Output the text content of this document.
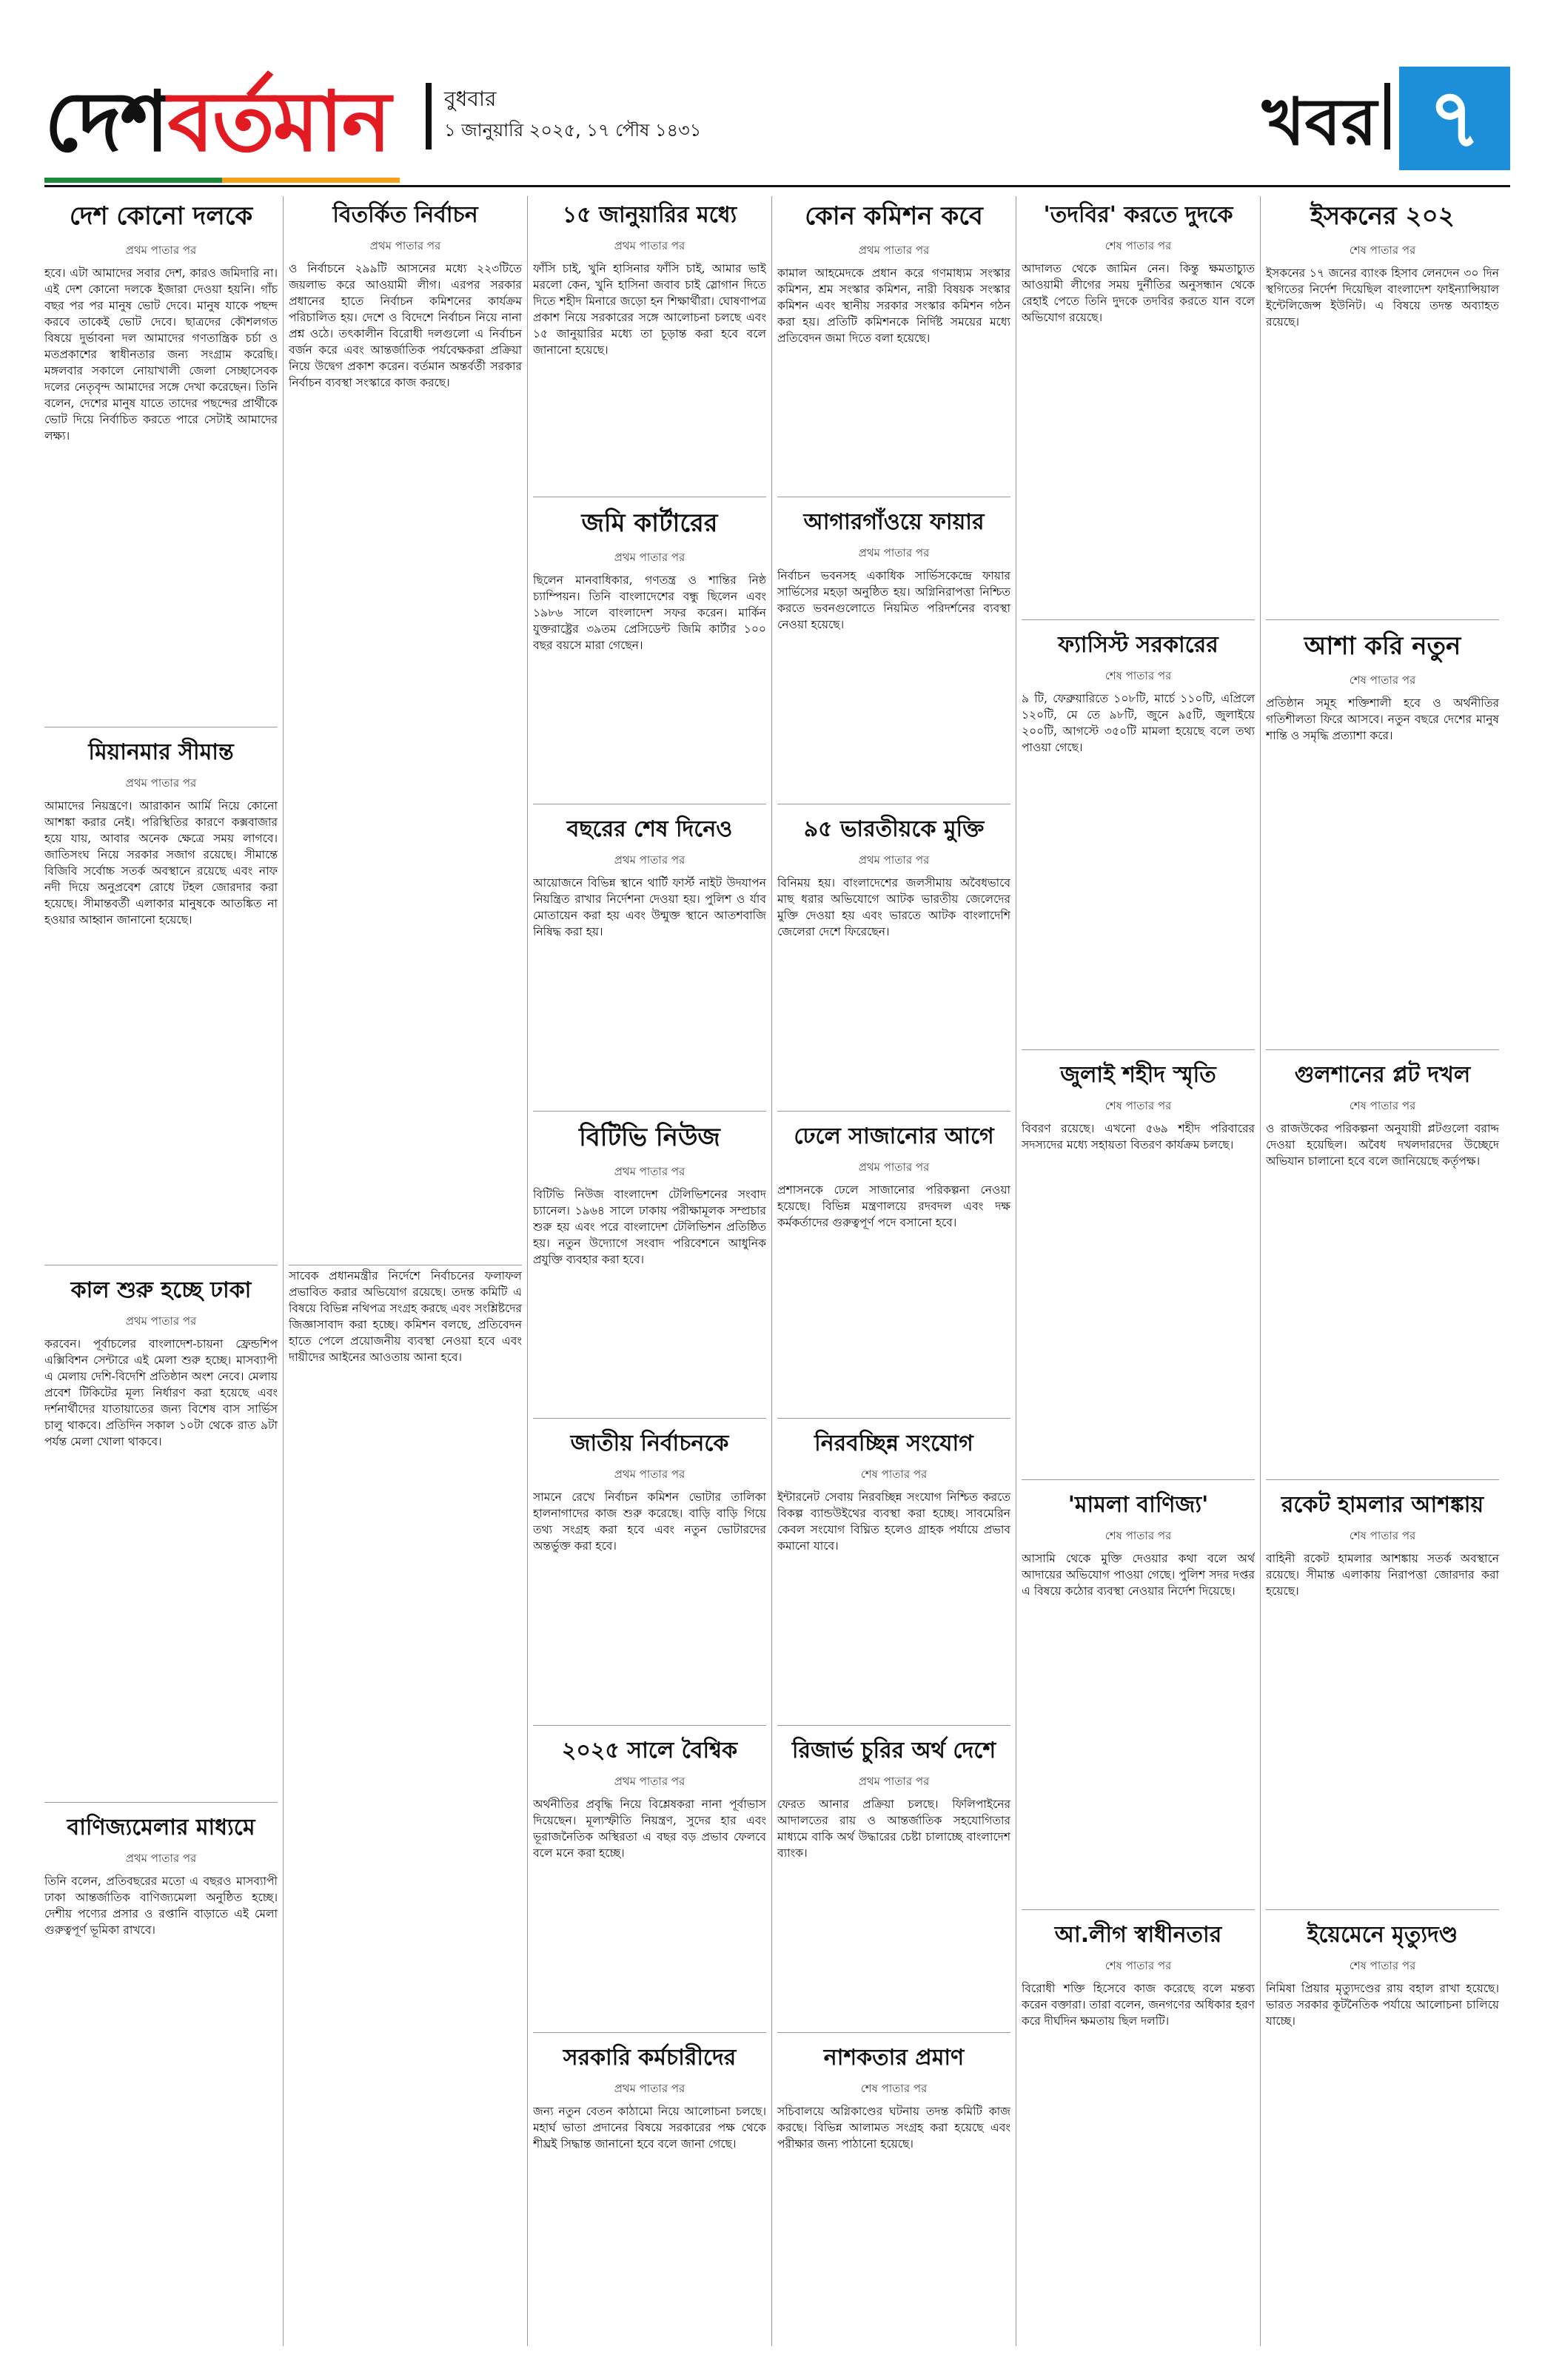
দেশবর্তমান	বুধবার
১ জানুয়ারি ২০২৫, ১৭ পৌষ ১৪৩১	খবর ৭
দেশ কোনো দলকে
প্রথম পাতার পর

হবে। এটা আমাদের সবার দেশ, কারও জমিদারি না। এই দেশ কোনো দলকে ইজারা দেওয়া হয়নি। গাঁচ বছর পর পর মানুষ ভোট দেবে। মানুষ যাকে পছন্দ করবে তাকেই ভোট দেবে। ছাত্রদের কৌশলগত বিষয়ে দুর্ভাবনা দল আমাদের গণতান্ত্রিক চর্চা ও মতপ্রকাশের স্বাধীনতার জন্য সংগ্রাম করেছি। মঙ্গলবার সকালে নোয়াখালী জেলা সেচ্ছাসেবক দলের নেতৃবৃন্দ আমাদের সঙ্গে দেখা করেছেন। তিনি বলেন, দেশের মানুষ যাতে তাদের পছন্দের প্রার্থীকে ভোট দিয়ে নির্বাচিত করতে পারে সেটাই আমাদের লক্ষ্য।

মিয়ানমার সীমান্ত
প্রথম পাতার পর

আমাদের নিয়ন্ত্রণে। আরাকান আর্মি নিয়ে কোনো আশঙ্কা করার নেই। পরিস্থিতির কারণে কক্সবাজার হয়ে যায়, আবার অনেক ক্ষেত্রে সময় লাগবে। জাতিসংঘ নিয়ে সরকার সজাগ রয়েছে। সীমান্তে বিজিবি সর্বোচ্চ সতর্ক অবস্থানে রয়েছে এবং নাফ নদী দিয়ে অনুপ্রবেশ রোধে টহল জোরদার করা হয়েছে। সীমান্তবর্তী এলাকার মানুষকে আতঙ্কিত না হওয়ার আহ্বান জানানো হয়েছে।

কাল শুরু হচ্ছে ঢাকা
প্রথম পাতার পর

করবেন। পূর্বাচলের বাংলাদেশ-চায়না ফ্রেন্ডশিপ এক্সিবিশন সেন্টারে এই মেলা শুরু হচ্ছে। মাসব্যাপী এ মেলায় দেশি-বিদেশি প্রতিষ্ঠান অংশ নেবে। মেলায় প্রবেশ টিকিটের মূল্য নির্ধারণ করা হয়েছে এবং দর্শনার্থীদের যাতায়াতের জন্য বিশেষ বাস সার্ভিস চালু থাকবে। প্রতিদিন সকাল ১০টা থেকে রাত ৯টা পর্যন্ত মেলা খোলা থাকবে।

বাণিজ্যমেলার মাধ্যমে
প্রথম পাতার পর

তিনি বলেন, প্রতিবছরের মতো এ বছরও মাসব্যাপী ঢাকা আন্তর্জাতিক বাণিজ্যমেলা অনুষ্ঠিত হচ্ছে। দেশীয় পণ্যের প্রসার ও রপ্তানি বাড়াতে এই মেলা গুরুত্বপূর্ণ ভূমিকা রাখবে।

বিতর্কিত নির্বাচন
প্রথম পাতার পর

ও নির্বাচনে ২৯৯টি আসনের মধ্যে ২২৩টিতে জয়লাভ করে আওয়ামী লীগ। এরপর সরকার প্রধানের হাতে নির্বাচন কমিশনের কার্যক্রম পরিচালিত হয়। দেশে ও বিদেশে নির্বাচন নিয়ে নানা প্রশ্ন ওঠে। তৎকালীন বিরোধী দলগুলো এ নির্বাচন বর্জন করে এবং আন্তর্জাতিক পর্যবেক্ষকরা প্রক্রিয়া নিয়ে উদ্বেগ প্রকাশ করেন। বর্তমান অন্তর্বর্তী সরকার নির্বাচন ব্যবস্থা সংস্কারে কাজ করছে।

সাবেক প্রধানমন্ত্রীর নির্দেশে নির্বাচনের ফলাফল প্রভাবিত করার অভিযোগ রয়েছে। তদন্ত কমিটি এ বিষয়ে বিভিন্ন নথিপত্র সংগ্রহ করছে এবং সংশ্লিষ্টদের জিজ্ঞাসাবাদ করা হচ্ছে। কমিশন বলছে, প্রতিবেদন হাতে পেলে প্রয়োজনীয় ব্যবস্থা নেওয়া হবে এবং দায়ীদের আইনের আওতায় আনা হবে।

১৫ জানুয়ারির মধ্যে
প্রথম পাতার পর

ফাঁসি চাই, খুনি হাসিনার ফাঁসি চাই, আমার ভাই মরলো কেন, খুনি হাসিনা জবাব চাই স্লোগান দিতে দিতে শহীদ মিনারে জড়ো হন শিক্ষার্থীরা। ঘোষণাপত্র প্রকাশ নিয়ে সরকারের সঙ্গে আলোচনা চলছে এবং ১৫ জানুয়ারির মধ্যে তা চূড়ান্ত করা হবে বলে জানানো হয়েছে।

জমি কার্টারের
প্রথম পাতার পর

ছিলেন মানবাধিকার, গণতন্ত্র ও শান্তির নিষ্ঠ চ্যাম্পিয়ন। তিনি বাংলাদেশের বন্ধু ছিলেন এবং ১৯৮৬ সালে বাংলাদেশ সফর করেন। মার্কিন যুক্তরাষ্ট্রের ৩৯তম প্রেসিডেন্ট জিমি কার্টার ১০০ বছর বয়সে মারা গেছেন।

বছরের শেষ দিনেও
প্রথম পাতার পর

আয়োজনে বিভিন্ন স্থানে থার্টি ফার্স্ট নাইট উদযাপন নিয়ন্ত্রিত রাখার নির্দেশনা দেওয়া হয়। পুলিশ ও র্যাব মোতায়েন করা হয় এবং উন্মুক্ত স্থানে আতশবাজি নিষিদ্ধ করা হয়।

বিটিভি নিউজ
প্রথম পাতার পর

বিটিভি নিউজ বাংলাদেশ টেলিভিশনের সংবাদ চ্যানেল। ১৯৬৪ সালে ঢাকায় পরীক্ষামূলক সম্প্রচার শুরু হয় এবং পরে বাংলাদেশ টেলিভিশন প্রতিষ্ঠিত হয়। নতুন উদ্যোগে সংবাদ পরিবেশনে আধুনিক প্রযুক্তি ব্যবহার করা হবে।

জাতীয় নির্বাচনকে
প্রথম পাতার পর

সামনে রেখে নির্বাচন কমিশন ভোটার তালিকা হালনাগাদের কাজ শুরু করেছে। বাড়ি বাড়ি গিয়ে তথ্য সংগ্রহ করা হবে এবং নতুন ভোটারদের অন্তর্ভুক্ত করা হবে।

২০২৫ সালে বৈশ্বিক
প্রথম পাতার পর

অর্থনীতির প্রবৃদ্ধি নিয়ে বিশ্লেষকরা নানা পূর্বাভাস দিয়েছেন। মূল্যস্ফীতি নিয়ন্ত্রণ, সুদের হার এবং ভূরাজনৈতিক অস্থিরতা এ বছর বড় প্রভাব ফেলবে বলে মনে করা হচ্ছে।

সরকারি কর্মচারীদের
প্রথম পাতার পর

জন্য নতুন বেতন কাঠামো নিয়ে আলোচনা চলছে। মহার্ঘ ভাতা প্রদানের বিষয়ে সরকারের পক্ষ থেকে শীঘ্রই সিদ্ধান্ত জানানো হবে বলে জানা গেছে।

কোন কমিশন কবে
প্রথম পাতার পর

কামাল আহমেদকে প্রধান করে গণমাধ্যম সংস্কার কমিশন, শ্রম সংস্কার কমিশন, নারী বিষয়ক সংস্কার কমিশন এবং স্থানীয় সরকার সংস্কার কমিশন গঠন করা হয়। প্রতিটি কমিশনকে নির্দিষ্ট সময়ের মধ্যে প্রতিবেদন জমা দিতে বলা হয়েছে।

আগারগাঁওয়ে ফায়ার
প্রথম পাতার পর

নির্বাচন ভবনসহ একাধিক সার্ভিসকেন্দ্রে ফায়ার সার্ভিসের মহড়া অনুষ্ঠিত হয়। অগ্নিনিরাপত্তা নিশ্চিত করতে ভবনগুলোতে নিয়মিত পরিদর্শনের ব্যবস্থা নেওয়া হয়েছে।

৯৫ ভারতীয়কে মুক্তি
প্রথম পাতার পর

বিনিময় হয়। বাংলাদেশের জলসীমায় অবৈধভাবে মাছ ধরার অভিযোগে আটক ভারতীয় জেলেদের মুক্তি দেওয়া হয় এবং ভারতে আটক বাংলাদেশি জেলেরা দেশে ফিরেছেন।

ঢেলে সাজানোর আগে
প্রথম পাতার পর

প্রশাসনকে ঢেলে সাজানোর পরিকল্পনা নেওয়া হয়েছে। বিভিন্ন মন্ত্রণালয়ে রদবদল এবং দক্ষ কর্মকর্তাদের গুরুত্বপূর্ণ পদে বসানো হবে।

নিরবচ্ছিন্ন সংযোগ
শেষ পাতার পর

ইন্টারনেট সেবায় নিরবচ্ছিন্ন সংযোগ নিশ্চিত করতে বিকল্প ব্যান্ডউইথের ব্যবস্থা করা হচ্ছে। সাবমেরিন কেবল সংযোগ বিঘ্নিত হলেও গ্রাহক পর্যায়ে প্রভাব কমানো যাবে।

রিজার্ভ চুরির অর্থ দেশে
প্রথম পাতার পর

ফেরত আনার প্রক্রিয়া চলছে। ফিলিপাইনের আদালতের রায় ও আন্তর্জাতিক সহযোগিতার মাধ্যমে বাকি অর্থ উদ্ধারের চেষ্টা চালাচ্ছে বাংলাদেশ ব্যাংক।

নাশকতার প্রমাণ
শেষ পাতার পর

সচিবালয়ে অগ্নিকাণ্ডের ঘটনায় তদন্ত কমিটি কাজ করছে। বিভিন্ন আলামত সংগ্রহ করা হয়েছে এবং পরীক্ষার জন্য পাঠানো হয়েছে।

'তদবির' করতে দুদকে
শেষ পাতার পর

আদালত থেকে জামিন নেন। কিন্তু ক্ষমতাচ্যুত আওয়ামী লীগের সময় দুর্নীতির অনুসন্ধান থেকে রেহাই পেতে তিনি দুদকে তদবির করতে যান বলে অভিযোগ রয়েছে।

ফ্যাসিস্ট সরকারের
শেষ পাতার পর

৯ টি, ফেব্রুয়ারিতে ১০৮টি, মার্চে ১১০টি, এপ্রিলে ১২০টি, মে তে ৯৮টি, জুনে ৯৫টি, জুলাইয়ে ২০০টি, আগস্টে ৩৫০টি মামলা হয়েছে বলে তথ্য পাওয়া গেছে।

জুলাই শহীদ স্মৃতি
শেষ পাতার পর

বিবরণ রয়েছে। এখনো ৫৬৯ শহীদ পরিবারের সদস্যদের মধ্যে সহায়তা বিতরণ কার্যক্রম চলছে।

'মামলা বাণিজ্য'
শেষ পাতার পর

আসামি থেকে মুক্তি দেওয়ার কথা বলে অর্থ আদায়ের অভিযোগ পাওয়া গেছে। পুলিশ সদর দপ্তর এ বিষয়ে কঠোর ব্যবস্থা নেওয়ার নির্দেশ দিয়েছে।

আ.লীগ স্বাধীনতার
শেষ পাতার পর

বিরোধী শক্তি হিসেবে কাজ করেছে বলে মন্তব্য করেন বক্তারা। তারা বলেন, জনগণের অধিকার হরণ করে দীর্ঘদিন ক্ষমতায় ছিল দলটি।

ইসকনের ২০২
শেষ পাতার পর

ইসকনের ১৭ জনের ব্যাংক হিসাব লেনদেন ৩০ দিন স্থগিতের নির্দেশ দিয়েছিল বাংলাদেশ ফাইন্যান্সিয়াল ইন্টেলিজেন্স ইউনিট। এ বিষয়ে তদন্ত অব্যাহত রয়েছে।

আশা করি নতুন
শেষ পাতার পর

প্রতিষ্ঠান সমূহ শক্তিশালী হবে ও অর্থনীতির গতিশীলতা ফিরে আসবে। নতুন বছরে দেশের মানুষ শান্তি ও সমৃদ্ধি প্রত্যাশা করে।

গুলশানের প্লট দখল
শেষ পাতার পর

ও রাজউকের পরিকল্পনা অনুযায়ী প্লটগুলো বরাদ্দ দেওয়া হয়েছিল। অবৈধ দখলদারদের উচ্ছেদে অভিযান চালানো হবে বলে জানিয়েছে কর্তৃপক্ষ।

রকেট হামলার আশঙ্কায়
শেষ পাতার পর

বাহিনী রকেট হামলার আশঙ্কায় সতর্ক অবস্থানে রয়েছে। সীমান্ত এলাকায় নিরাপত্তা জোরদার করা হয়েছে।

ইয়েমেনে মৃত্যুদণ্ড
শেষ পাতার পর

নিমিষা প্রিয়ার মৃত্যুদণ্ডের রায় বহাল রাখা হয়েছে। ভারত সরকার কূটনৈতিক পর্যায়ে আলোচনা চালিয়ে যাচ্ছে।
